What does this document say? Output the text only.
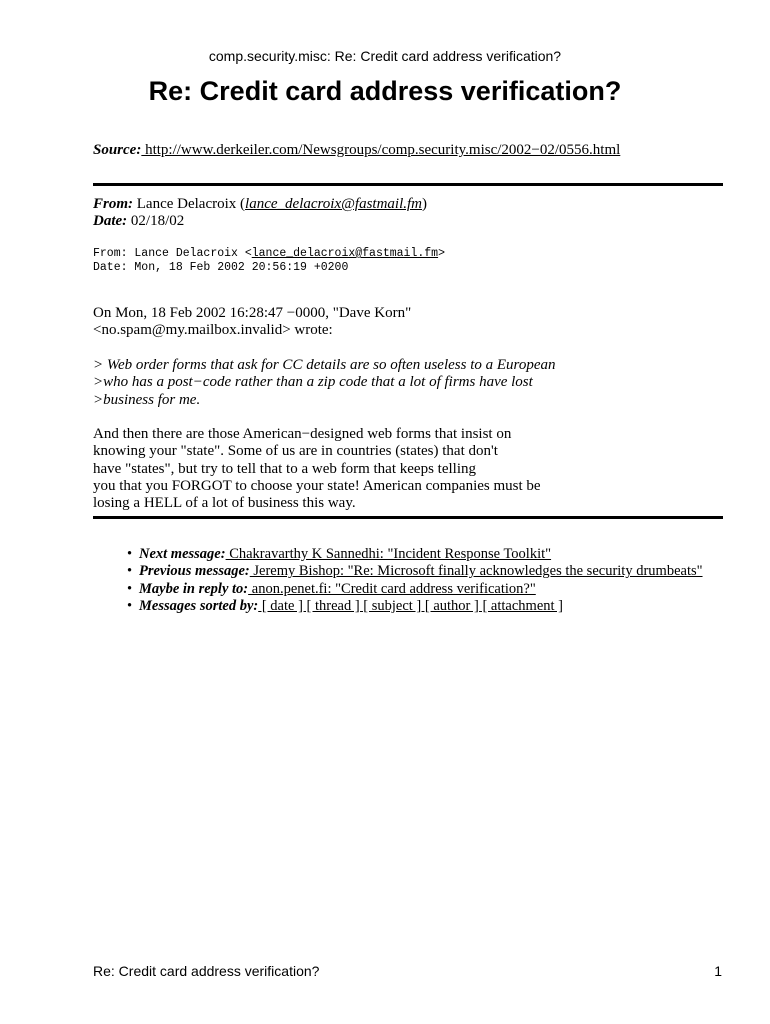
comp.security.misc: Re: Credit card address verification?
Re: Credit card address verification?
Source: http://www.derkeiler.com/Newsgroups/comp.security.misc/2002−02/0556.html
From: Lance Delacroix (lance_delacroix@fastmail.fm)
Date: 02/18/02
From: Lance Delacroix <lance_delacroix@fastmail.fm>
Date: Mon, 18 Feb 2002 20:56:19 +0200
On Mon, 18 Feb 2002 16:28:47 −0000, "Dave Korn"
<no.spam@my.mailbox.invalid> wrote:
> Web order forms that ask for CC details are so often useless to a European
>who has a post−code rather than a zip code that a lot of firms have lost
>business for me.
And then there are those American−designed web forms that insist on
knowing your "state". Some of us are in countries (states) that don't
have "states", but try to tell that to a web form that keeps telling
you that you FORGOT to choose your state! American companies must be
losing a HELL of a lot of business this way.
• Next message: Chakravarthy K Sannedhi: "Incident Response Toolkit"
• Previous message: Jeremy Bishop: "Re: Microsoft finally acknowledges the security drumbeats"
• Maybe in reply to: anon.penet.fi: "Credit card address verification?"
• Messages sorted by: [ date ] [ thread ] [ subject ] [ author ] [ attachment ]
Re: Credit card address verification?	1
